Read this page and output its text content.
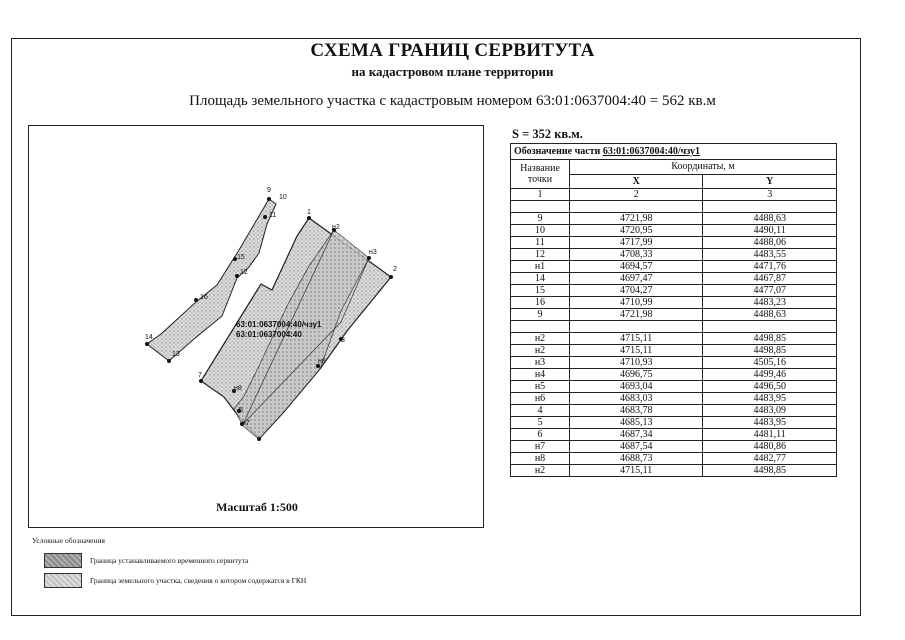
СХЕМА ГРАНИЦ СЕРВИТУТА
на кадастровом плане территории
Площадь земельного участка с кадастровым номером 63:01:0637004:40 = 562 кв.м
9
10
11
15
12
16
14
13
1
н2
н3
2
3
н6
7
н8
5
н7
63:01:0637004:40/чзу1
63:01:0637004:40
Масштаб 1:500
S = 352 кв.м.
Обозначение части 63:01:0637004:40/чзу1		
Название точки	Координаты, м	
	X	Y
1	2	3

9	4721,98	4488,63
10	4720,95	4490,11
11	4717,99	4488,06
12	4708,33	4483,55
н1	4694,57	4471,76
14	4697,47	4467,87
15	4704,27	4477,07
16	4710,99	4483,23
9	4721,98	4488,63

н2	4715,11	4498,85
н2	4715,11	4498,85
н3	4710,93	4505,16
н4	4696,75	4499,46
н5	4693,04	4496,50
н6	4683,03	4483,95
4	4683,78	4483,09
5	4685,13	4483,95
6	4687,34	4481,11
н7	4687,54	4480,86
н8	4688,73	4482,77
н2	4715,11	4498,85
Условные обозначения
Граница устанавливаемого временного сервитута
Граница земельного участка, сведения о котором содержатся в ГКН
